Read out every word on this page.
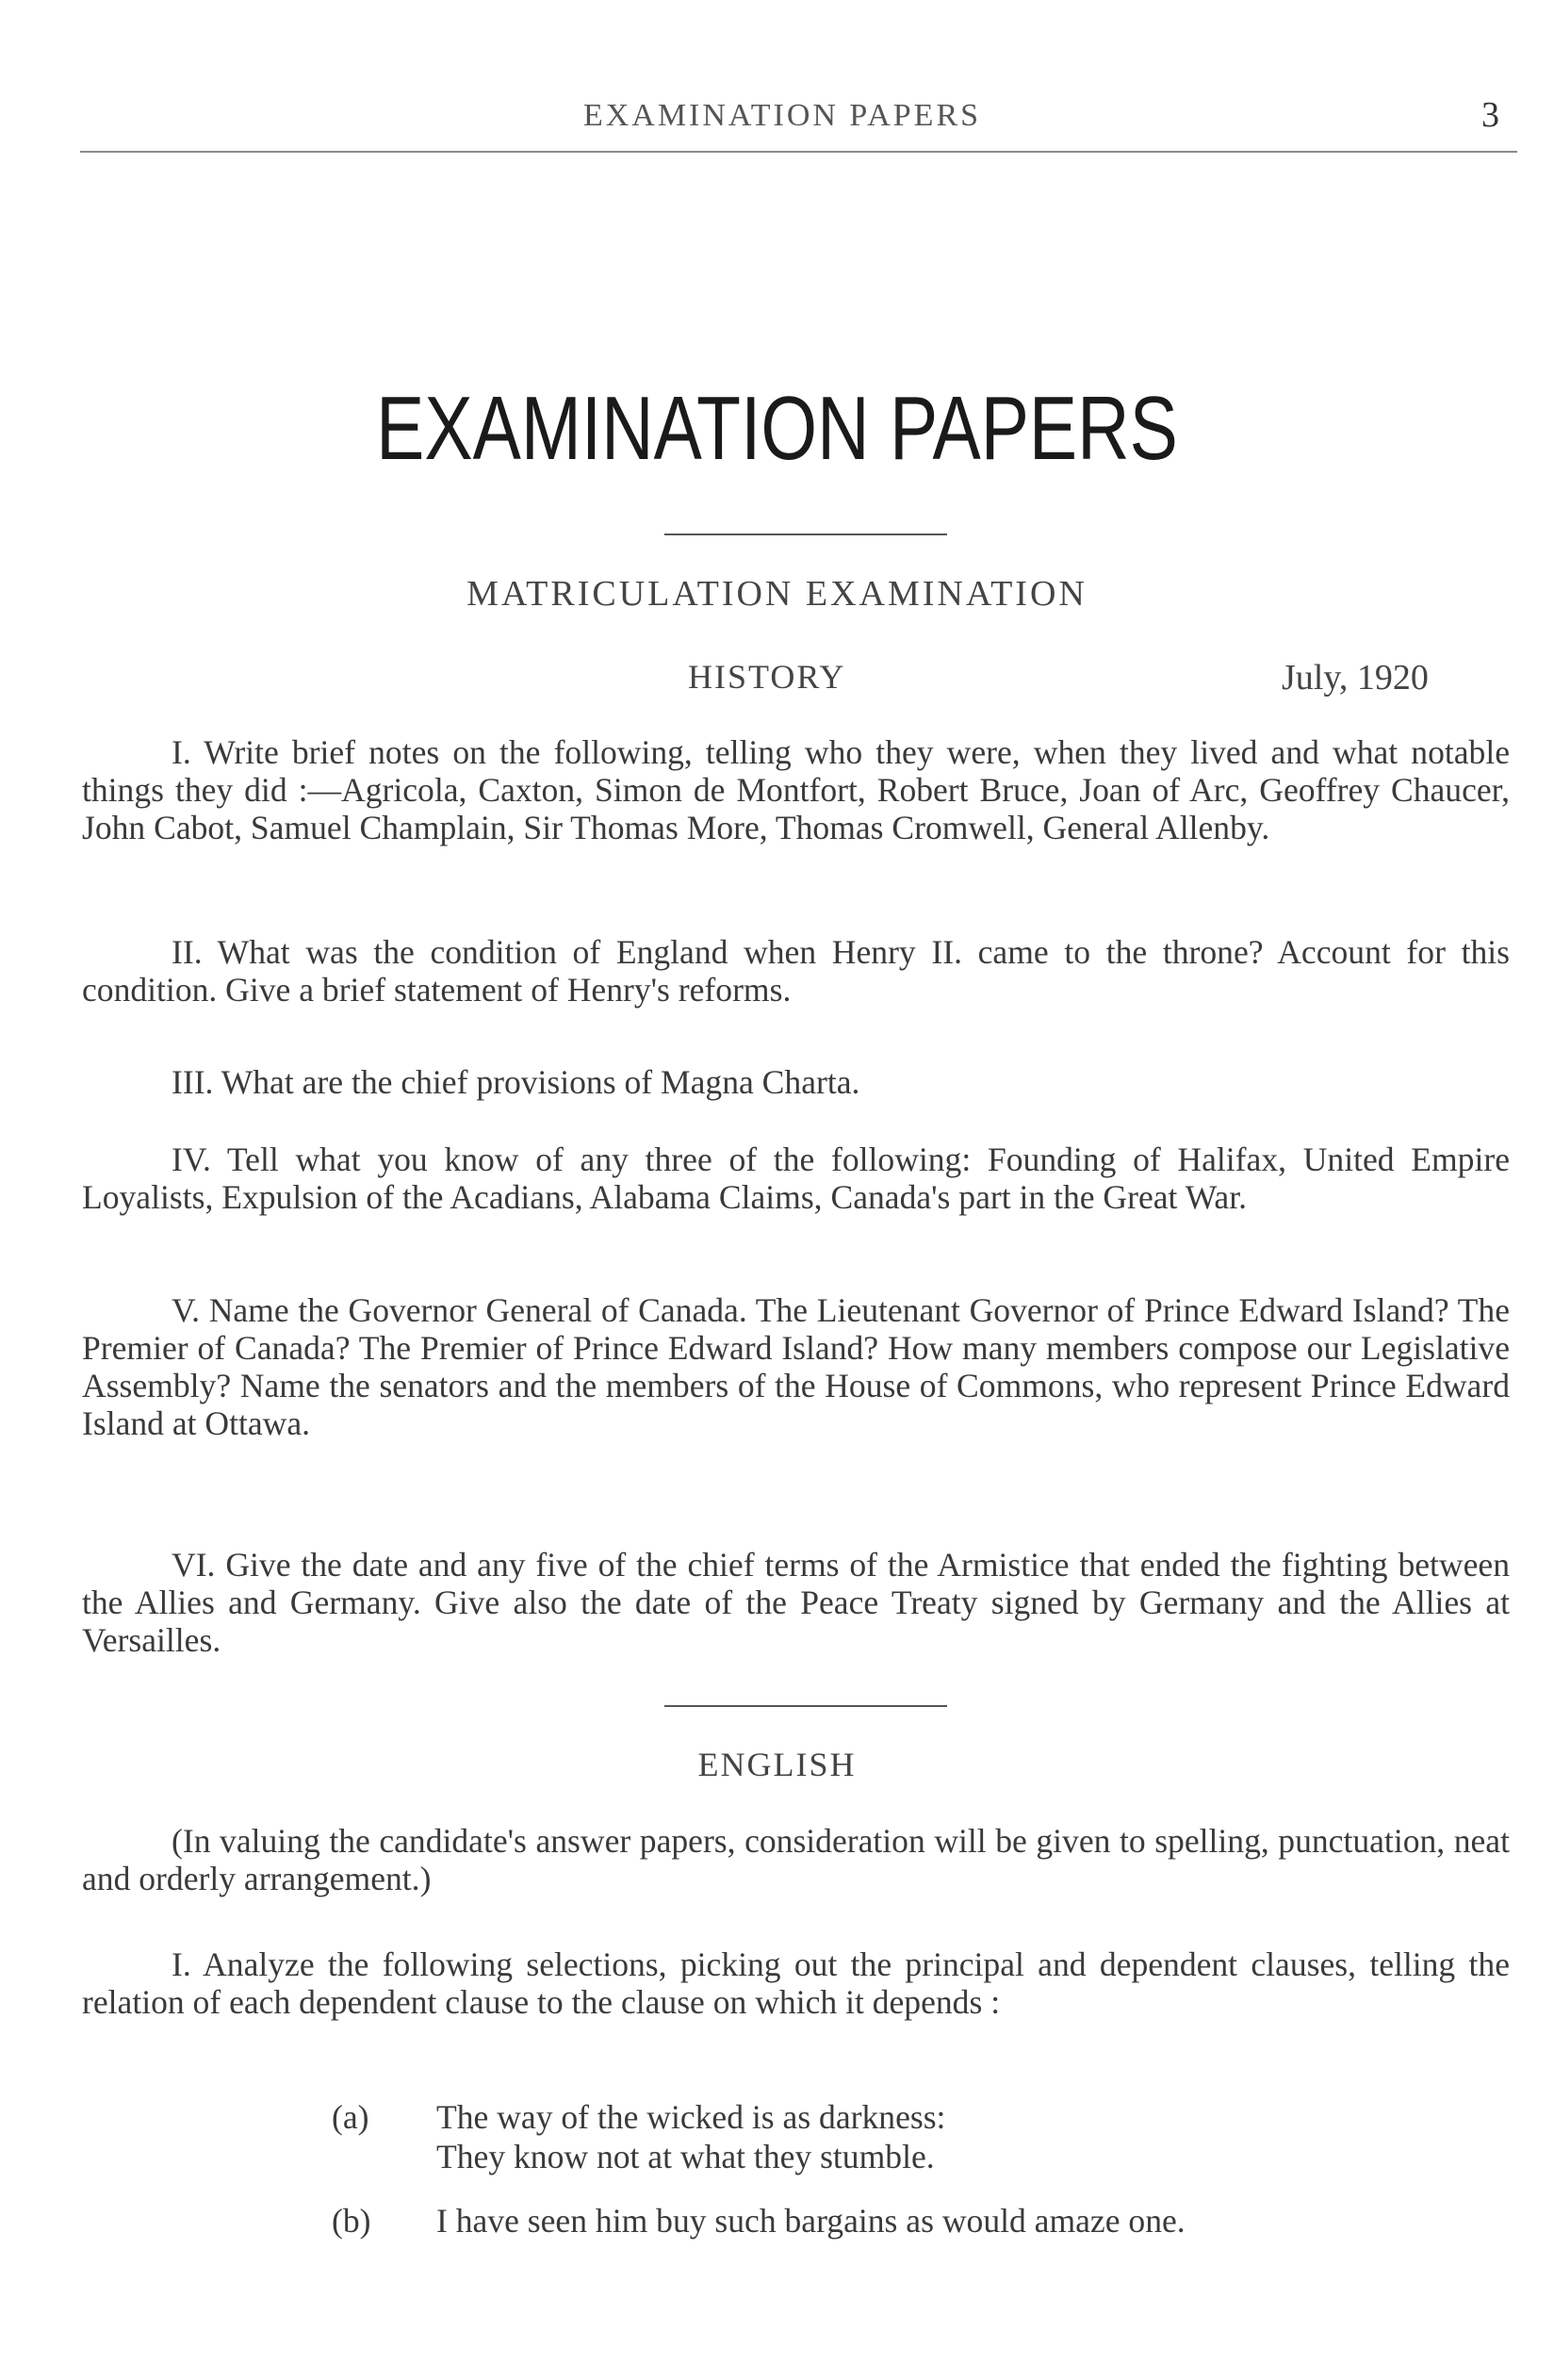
EXAMINATION PAPERS	3
EXAMINATION PAPERS
MATRICULATION EXAMINATION
HISTORY	July, 1920
I. Write brief notes on the following, telling who they were, when they lived and what notable things they did :—Agricola, Caxton, Simon de Montfort, Robert Bruce, Joan of Arc, Geoffrey Chaucer, John Cabot, Samuel Champlain, Sir Thomas More, Thomas Cromwell, General Allenby.
II. What was the condition of England when Henry II. came to the throne? Account for this condition. Give a brief statement of Henry's reforms.
III. What are the chief provisions of Magna Charta.
IV. Tell what you know of any three of the following: Founding of Halifax, United Empire Loyalists, Expulsion of the Acadians, Alabama Claims, Canada's part in the Great War.
V. Name the Governor General of Canada. The Lieutenant Governor of Prince Edward Island? The Premier of Canada? The Premier of Prince Edward Island? How many members compose our Legislative Assembly? Name the senators and the members of the House of Commons, who represent Prince Edward Island at Ottawa.
VI. Give the date and any five of the chief terms of the Armistice that ended the fighting between the Allies and Germany. Give also the date of the Peace Treaty signed by Germany and the Allies at Versailles.
ENGLISH
(In valuing the candidate's answer papers, consideration will be given to spelling, punctuation, neat and orderly arrangement.)
I. Analyze the following selections, picking out the principal and dependent clauses, telling the relation of each dependent clause to the clause on which it depends :
(a) The way of the wicked is as darkness:
They know not at what they stumble.
(b) I have seen him buy such bargains as would amaze one.
